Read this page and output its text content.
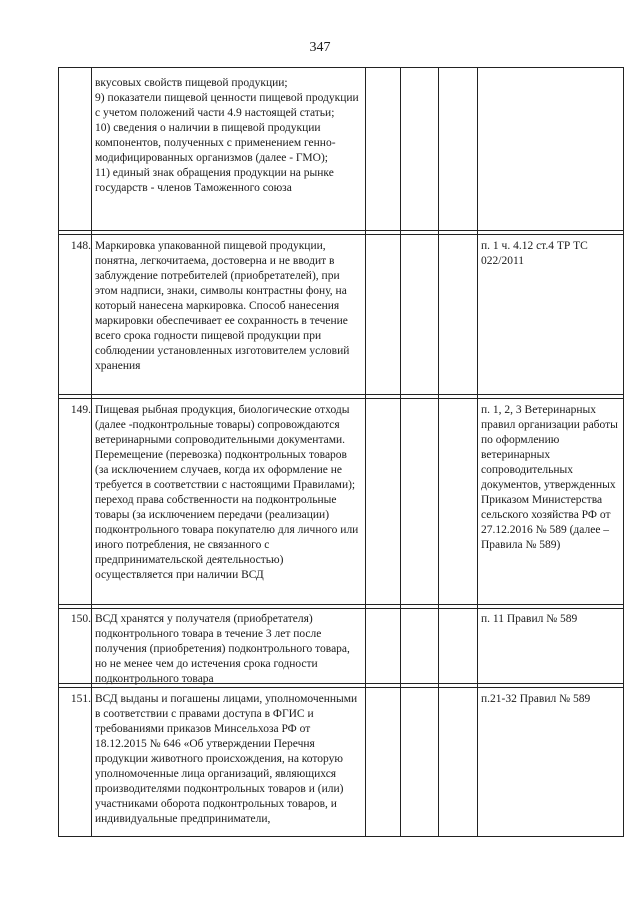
347
вкусовых свойств пищевой продукции;
9) показатели пищевой ценности пищевой продукции с учетом положений части 4.9 настоящей статьи;
10) сведения о наличии в пищевой продукции компонентов, полученных с применением генно-модифицированных организмов (далее - ГМО);
11) единый знак обращения продукции на рынке государств - членов Таможенного союза
148. Маркировка упакованной пищевой продукции, понятна, легкочитаема, достоверна и не вводит в заблуждение потребителей (приобретателей), при этом надписи, знаки, символы контрастны фону, на который нанесена маркировка. Способ нанесения маркировки обеспечивает ее сохранность в течение всего срока годности пищевой продукции при соблюдении установленных изготовителем условий хранения
п. 1 ч. 4.12 ст.4 ТР ТС 022/2011
149. Пищевая рыбная продукция, биологические отходы (далее -подконтрольные товары) сопровождаются ветеринарными сопроводительными документами. Перемещение (перевозка) подконтрольных товаров (за исключением случаев, когда их оформление не требуется в соответствии с настоящими Правилами); переход права собственности на подконтрольные товары (за исключением передачи (реализации) подконтрольного товара покупателю для личного или иного потребления, не связанного с предпринимательской деятельностью) осуществляется при наличии ВСД
п. 1, 2, 3 Ветеринарных правил организации работы по оформлению ветеринарных сопроводительных документов, утвержденных Приказом Министерства сельского хозяйства РФ от 27.12.2016 № 589 (далее – Правила № 589)
150. ВСД хранятся у получателя (приобретателя) подконтрольного товара в течение 3 лет после получения (приобретения) подконтрольного товара, но не менее чем до истечения срока годности подконтрольного товара
п. 11 Правил № 589
151. ВСД выданы и погашены лицами, уполномоченными в соответствии с правами доступа в ФГИС и требованиями приказов Минсельхоза РФ от 18.12.2015 № 646 «Об утверждении Перечня продукции животного происхождения, на которую уполномоченные лица организаций, являющихся производителями подконтрольных товаров и (или) участниками оборота подконтрольных товаров, и индивидуальные предприниматели,
п.21-32 Правил № 589
